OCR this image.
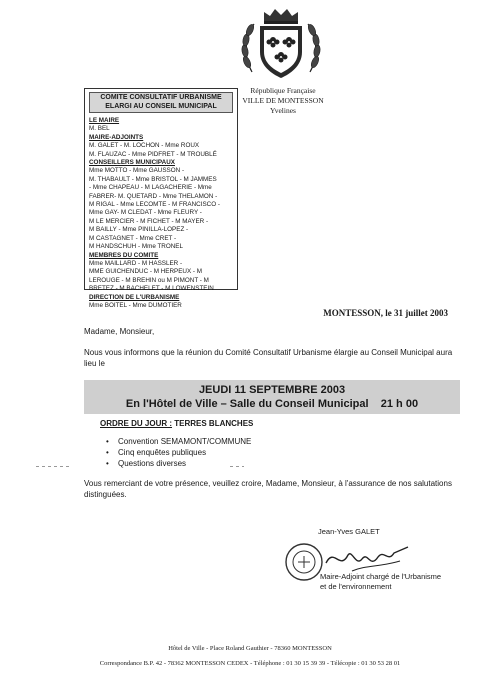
République Française
VILLE DE MONTESSON
Yvelines
COMITE CONSULTATIF URBANISME
ELARGI AU CONSEIL MUNICIPAL
LE MAIRE
M. BEL
MAIRE-ADJOINTS
M. GALET - M. LOCHON - Mme ROUX
M. FLAUZAC - Mme PIDFRET - M TROUBLÉ
CONSEILLERS MUNICIPAUX
Mme MOTTO - Mme GAUSSON -
M. THABAULT - Mme BRISTOL - M JAMMES
- Mme CHAPEAU - M LAGACHERIE - Mme
FABRER- M. QUETARD - Mme THELAMON -
M RIGAL - Mme LECOMTE - M FRANCISCO -
Mme GAY- M CLEDAT - Mme FLEURY -
M LE MERCIER - M FICHET - M MAYER -
M BAILLY - Mme PINILLA-LOPEZ -
M CASTAGNET - Mme CRET -
M HANDSCHUH - Mme TRONEL
MEMBRES DU COMITE
Mme MAILLARD - M HASSLER -
MME GUICHENDUC - M HERPEUX - M
LEROUGE - M BREHIN ou M PIMONT - M
BRETEZ - M BACHELET - M LOWENSTEIN
DIRECTION DE L'URBANISME
Mme BOITEL - Mme DUMOTIER
MONTESSON, le 31 juillet 2003
Madame, Monsieur,
Nous vous informons que la réunion du Comité Consultatif Urbanisme élargie au Conseil Municipal aura lieu le
JEUDI 11 SEPTEMBRE 2003
En l'Hôtel de Ville – Salle du Conseil Municipal    21 h 00
ORDRE DU JOUR : TERRES BLANCHES
• Convention SEMAMONT/COMMUNE
• Cinq enquêtes publiques
• Questions diverses
Vous remerciant de votre présence, veuillez croire, Madame, Monsieur, à l'assurance de nos salutations distinguées.
Jean-Yves GALET
Maire-Adjoint chargé de l'Urbanisme
et de l'environnement
Hôtel de Ville - Place Roland Gauthier - 78360 MONTESSON
Correspondance B.P. 42 - 78362 MONTESSON CEDEX - Téléphone : 01 30 15 39 39 - Télécopie : 01 30 53 28 01
